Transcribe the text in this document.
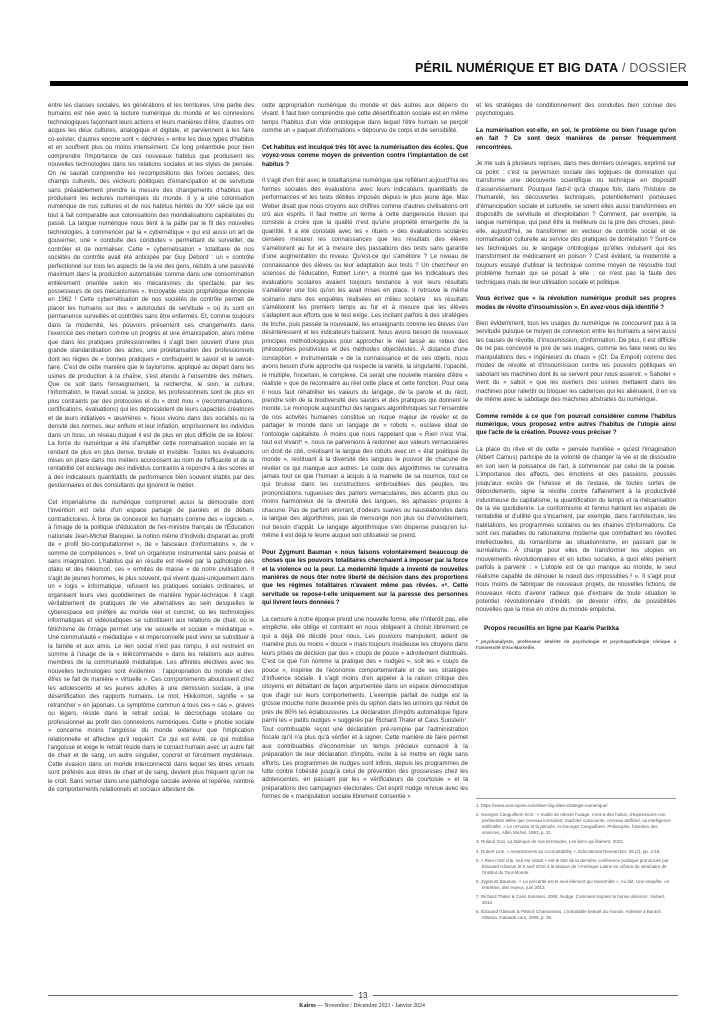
PÉRIL NUMÉRIQUE ET BIG DATA / DOSSIER

entre les classes sociales, les générations et les territoires. Une partie des humains est née avec la lecture numérique du monde et les connexions technologiques façonnant leurs actions et leurs manières d'être, d'autres ont acquis les deux cultures, analogique et digitale, et parviennent à les faire co-exister, d'autres encore sont « déchirés » entre les deux types d'habitus et en souffrent plus ou moins intensément. Ce long préambule pour bien comprendre l'importance de ces nouveaux habitus que produisent les nouvelles technologies dans les relations sociales et les styles de pensée. On ne saurait comprendre les recompositions des forces sociales, des champs culturels, des vecteurs politiques d'émancipation et de servitude sans préalablement prendre la mesure des changements d'habitus que produisent les lectures numériques du monde. Il y a une colonisation numérique de nos cultures et de nos habitus hérités du XXᵉ siècle qui est tout à fait comparable aux colonisations des mondialisations capitalistes du passé. La langue numérique nous tient à la patte par le fil des nouvelles technologies, à commencer par la « cybernétique » qui est aussi un art de gouverner, une « conduite des conduites » permettant de surveiller, de contrôler et de normaliser. Cette « cybernétisation » totalitaire de nos sociétés de contrôle avait été anticipée par Guy Debord : un « contrôle perfectionné sur tous les aspects de la vie des gens, réduits à une passivité maximum dans la production automatisée comme dans une consommation entièrement orientée selon les mécanismes du spectacle, par les possesseurs de ces mécanismes ». Incroyable vision prophétique énoncée en 1962 ! Cette cybernétisation de nos sociétés de contrôle permet de placer les humains sur des « autoroutes de servitude » où ils sont en permanence surveillés et contrôlés sans être enfermés. Et, comme toujours dans la modernité, les pouvoirs présentent ces changements dans l'exercice des métiers comme un progrès et une émancipation, alors même que dans les pratiques professionnelles il s'agit bien souvent d'une plus grande standardisation des actes, une prolétarisation des professionnels dont les règles de « bonnes pratiques » confisquent le savoir et le savoir-faire. C'est de cette manière que le taylorisme, appliqué au départ dans les usines de production à la chaîne, s'est étendu à l'ensemble des métiers. Que ce soit dans l'enseignement, la recherche, le soin, la culture, l'information, le travail social, la justice, les professionnels sont de plus en plus contraints par des protocoles et du « droit mou » (recommandations, certifications, évaluations) qui les dépossèdent de leurs capacités créatrices et de leurs initiatives « œuvrières ». Nous vivons dans des sociétés où la densité des normes, leur enflure et leur inflation, emprisonnent les individus dans un tissu, un réseau duquel il est de plus en plus difficile de se libérer. La force du numérique a été d'amplifier cette normalisation sociale en la rendant de plus en plus dense, brutale et invisible. Toutes les évaluations mises en place dans nos métiers accroissent au nom de l'efficacité et de la rentabilité cet esclavage des individus contraints à répondre à des scores et à des indicateurs quantitatifs de performance bien souvent établis par des gestionnaires et des consultants qui ignorent le métier.

Cet impérialisme du numérique compromet aussi la démocratie dont l'invention est celui d'un espace partagé de paroles et de débats contradictoires. À force de concevoir les humains comme des « logiciels », à l'image de la politique d'éducation de l'ex-ministre français de l'Éducation nationale Jean-Michel Blanquer, la notion même d'individu disparait au profit de « profil bio-computationnel », de « faisceaux d'informations », de « somme de compétences », bref un organisme instrumental sans poésie et sans imagination. L'habitus qui en résulte est révélé par la pathologie des otaku et des hikkimori, ces « ermites de masse » de notre civilisation. Il s'agit de jeunes hommes, le plus souvent, qui vivent quasi-uniquement dans un « logis » informatique, refusent les pratiques sociales ordinaires, et organisent leurs vies quotidiennes de manière hyper-technique. Il s'agit véritablement de pratiques de vie alternatives au sein desquelles le cyberespace est préféré au monde réel et concret, où les technologies informatiques et vidéoludiques se substituent aux relations de chair, où le fétichisme de l'image permet une vie sexuelle et sociale « médiatique ». Une communauté « médiatique » et impersonnelle peut venir se substituer à la famille et aux amis. Le lien social n'est pas rompu, il est restreint en somme à l'usage de la « télécommande » dans les relations aux autres membres de la communauté médiatique. Les affinités électives avec les nouvelles technologies sont évidentes : l'appropriation du monde et des êtres se fait de manière « virtuelle ». Ces comportements aboutissent chez les adolescents et les jeunes adultes à une démission sociale, à une désertification des rapports humains. Le mot, Hikikomori, signifie « se retrancher » en japonais, Le symptôme commun à tous ces « cas », graves ou légers, réside dans le retrait social, le décrochage scolaire ou professionnel au profit des connexions numériques. Cette « phobie sociale » concerne moins l'angoisse du monde extérieur que l'implication relationnelle et affective qu'il requiert. Ce qui est évité, ce qui mobilise l'angoisse et exige le retrait réside dans le contact humain avec un autre fait de chair et de sang, un autre singulier, concret et forcément mystérieux. Cette évasion dans un monde interconnecté dans lequel les êtres virtuels sont préférés aux êtres de chair et de sang, devient plus fréquent qu'on ne le croit. Sans verser dans une pathologie sociale avérée et repérée, nombre de comportements relationnels et sociaux attestent de

cette appropriation numérique du monde et des autres aux dépens du vivant. Il faut bien comprendre que cette désertification sociale est en même temps l'habitus d'un vide ontologique dans lequel l'être humain se perçoit comme un « paquet d'informations » dépourvu de corps et de sensibilité.

Cet habitus est inculqué très tôt avec la numérisation des écoles. Que voyez-vous comme moyen de prévention contre l'implantation de cet habitus ?

Il s'agit d'en finir avec le totalitarisme numérique que reflètent aujourd'hui les formes sociales des évaluations avec leurs indicateurs quantitatifs de performances et les tests débiles imposés depuis le plus jeune âge. Max Weber disait que nous croyons aux chiffres comme d'autres civilisations ont crû aux esprits. Il faut mettre un terme à cette dangereuse illusion qui consiste à croire que la qualité n'est qu'une propriété émergente de la quantité. Il a été constaté avec les « rituels » des évaluations scolaires censées mesurer les connaissances que les résultats des élèves s'améliorent au fur et à mesure des passations des tests sans garantie d'une augmentation du niveau. Qu'est-ce qui s'améliore ? Le niveau de connaissance des élèves ou leur adaptation aux tests ? Un chercheur en sciences de l'éducation, Robert Linn⁴, a montré que les indicateurs des évaluations scolaires avaient toujours tendance à voir leurs résultats s'améliorer une fois qu'on les avait mises en place. Il retrouve le même scénario dans des enquêtes réalisées en milieu scolaire : les résultats s'améliorent les premiers temps au fur et à mesure que les élèves s'adaptent aux efforts que le test exige. Les incitant parfois à des stratégies de triche, puis passée la nouveauté, les enseignants comme les élèves s'en désintéressent et les indicateurs baissent. Nous avons besoin de nouveaux principes méthodologiques pour approcher le réel laissé au rebus des philosophies positivistes et des méthodes objectivistes. À distance d'une conception « instrumentale » de la connaissance et de ses objets, nous avons besoin d'une approche qui respecte la variété, la singularité, l'opacité, le multiple, l'incertain, le complexe. Ce serait une nouvelle manière d'être « réaliste » que de reconnaitre au réel cette place et cette fonction. Pour cela il nous faut réhabiliter les valeurs du langage, de la parole et du récit, prendre soin de la biodiversité des savoirs et des pratiques qui donnent le monde. Le monopole aujourd'hui des langues algorithmiques sur l'ensemble de nos activités humaines constitue un risque majeur de révéler et de partager le monde dans un langage de « robots », esclave idéal de l'ontologie capitaliste. À moins que nous rappelant que « Rien n'est Vrai, tout est vivant⁵ », nous ne parvenions à redonner aux valeurs vernaculaires un droit de cité, créolisant la langue des robots avec un « état poétique du monde », restituant à la diversité des langues le pouvoir de chacune de révéler ce qui manque aux autres. Le code des algorithmes ne connaitra jamais tout ce que l'humain a acquis à la mamelle de sa nourrice, tout ce qui bruisse dans les constructions embrouillées des peuples, les prononciations rugueuses des parlers vernaculaires, des accents plus ou moins harmonieux de la diversité des langues, les aphasies propres à chacune. Pas de parfum enivrant, d'odeurs suaves ou nauséabondes dans la langue des algorithmes, pas de mensonge non plus ou d'envoûtement, nul besoin d'appât. Le langage algorithmique s'en dispense puisqu'en lui-même il est déjà le leurre auquel son utilisateur se prend.

Pour Zygmunt Bauman « nous faisons volontairement beaucoup de choses que les pouvoirs totalitaires cherchaient à imposer par la force et la violence ou la peur. La modernité liquide a inventé de nouvelles manières de nous ôter notre liberté de décision dans des proportions que les régimes totalitaires n'avaient même pas rêvées. »⁶. Cette servitude se repose-t-elle uniquement sur la paresse des personnes qui livrent leurs données ?

La censure à notre époque prend une nouvelle forme, elle n'interdit pas, elle empêche, elle oblige et contraint en nous obligeant à choisir librement ce qui a déjà été décidé pour nous. Les pouvoirs manipulent, aident de manière plus ou moins « douce » mais toujours insidieuse les citoyens dans leurs prises de décision par des « coups de pouce » adroitement distribués. C'est ce que l'on nomme la pratique des « nudges », soit les « coups de pouce », inspirée de l'économie comportementale et de ses stratégies d'influence sociale. Il s'agit moins d'en appeler à la raison critique des citoyens en débattant de façon argumentée dans un espace démocratique que d'agir sur leurs comportements. L'exemple parfait de nudge est la grosse mouche noire dessinée près du siphon dans les urinoirs qui réduit de près de 80% les éclaboussures. La déclaration d'impôts automatique figure parmi les « petits nudges » suggérés par Richard Thaler et Cass Sunstein⁷. Tout contribuable reçoit une déclaration pré-remplie par l'administration fiscale qu'il n'a plus qu'à vérifier et à signer. Cette manière de faire permet aux contribuables d'économiser un temps précieux consacré à la préparation de leur déclaration d'impôts, incite à se mettre en règle sans efforts. Les programmes de nudges sont infinis, depuis les programmes de lutte contre l'obésité jusqu'à celui de prévention des grossesses chez les adolescentes, en passant par les « vérificateurs de courtoisie » et la préparations des campagnes électorales. Cet esprit nudge renoue avec les formes de « manipulation sociale librement consentie »

et les stratégies de conditionnement des conduites bien connue des psychologues.

La numérisation est-elle, en soi, le problème ou bien l'usage qu'on en fait ? Ce sont deux manières de penser fréquemment rencontrées.

Je me suis à plusieurs reprises, dans mes derniers ouvrages, exprimé sur ce point : c'est la perversion sociale des logiques de domination qui transforme une découverte scientifique ou technique en dispositif d'asservissement. Pourquoi faut-il qu'à chaque fois, dans l'histoire de l'humanité, les découvertes techniques, potentiellement porteuses d'émancipation sociale et culturelle, se soient elles aussi transformées en dispositifs de servitude et d'exploitation ? Comment, par exemple, la langue numérique, qui peut être la meilleure ou la pire des choses, peut-elle, aujourd'hui, se transformer en vecteur de contrôle social et de normalisation culturelle au service des pratiques de domination ? Sont-ce les techniques ou le langage ontologique qu'elles induisent qui les transforment de médicament en poison ? C'est évident, la modernité a toujours essayé d'utiliser la technique comme moyen de résoudre tout problème humain qui se posait à elle ; ce n'est pas la faute des techniques mais de leur utilisation sociale et politique.

Vous écrivez que « la révolution numérique produit ses propres modes de révolte d'insoumission ». En avez-vous déjà identifié ?

Bien évidemment, tous les usages du numérique ne concourent pas à la servitude puisque ce moyen de connexion entre les humains a servi aussi les causes de révolte, d'insoumission, d'information. De plus, il est difficile de ne pas concevoir le pire de ses usages, comme les fake news ou les manipulations des « ingénieurs du chaos » (Cf. Da Empoli) comme des modes de révolte et d'insoumission contre les pouvoirs politiques en sabotant les machines dont ils se servent pour nous asservir. « Saboter » vient du « sabot » que les ouvriers des usines mettaient dans les machines pour ralentir ou bloquer les cadences qui les aliénaient. Il en va de même avec le sabotage des machines abstraites du numérique.

Comme remède à ce que l'on pourrait considérer comme l'habitus numérique, vous proposez entre autres l'habitus de l'utopie ainsi que l'acte de la création. Pouvez-vous préciser ?

La place du rêve et de cette « pensée humiliée » qu'est l'imagination (Albert Camus) participe de la volonté de changer la vie et de dissoudre en son sein la puissance de l'art, à commencer par celui de la poésie. L'importance des affects, des émotions et des passions, poussés jusqu'aux excès de l'ivresse et de l'extase, de toutes sortes de débordements, signe la révolte contre l'affairement à la productivité industrieuse du capitalisme, la quantification du temps et la mécanisation de la vie quotidienne. Le conformisme et l'ennui hantent les espaces de rentabilité et d'utilité qui s'incarnent, par exemple, dans l'architecture, les habitations, les programmes scolaires ou les chaines d'informations. Ce sont ces maladies du rationalisme moderne que combattent les révoltes intellectuelles, du romantisme au situationnisme, en passant par le surréalisme. À charge pour elles de transformer les utopies en mouvements révolutionnaires et en luttes sociales, à quoi elles peinent parfois à parvenir : « L'utopie est ce qui manque au monde, le seul réalisme capable de dénouer le nœud des impossibles.⁸ ». Il s'agit pour nous moins de fabriquer de nouveaux projets, de nouvelles fictions, de nouveaux récits d'avenir radieux que d'extraire de toute situation le potentiel révolutionnaire d'inédit, de devenir infini, de possibilités nouvelles que la mise en ordre du monde empêche.

Propos recueillis en ligne par Kaarle Parikka

* psychanalyste, professeur émérite de psychologie et psychopathologie clinique à l'Université d'Aix-Marseille.

1. https://www.acxiospme.ca/utiliser-big-data-strategie-numerique/
2. Georges Canguilhem écrit : « Inutile de relever l'usage, c'est-à-dire l'abus, d'expressions non pertinentes telles que cerveau conscient, machine consciente, cerveau artificiel, ou intelligence artificielle. » Le cerveau et la pensée, in Georges Canguilhem. Philosophe, historien des sciences, Albin Michel, 1993, p. 21.
3. Roland Gori, La fabrique de nos servitudes, Les liens qui libèrent, 2023.
4. Robert Linn, « Assessments an Accountability », Educational Researcher, 29 (2), pp. 4-16.
5. « Rien n'est vrai, tout est vivant » est le titre de la dernière conférence publique prononcée par Édouard Glissant le 8 avril 2010 à la Maison de l'Amérique Latine en clôture du séminaire de l'Institut du Tout-Monde.
6. Zygmunt Bauman, « La précarité est le seul élément qui rassemble », Au fait. Une enquête, un entretien, des enjeux, juin 2013.
7. Richard Thaler & Cass Sunstein, 2008, Nudge. Comment inspirer la bonne décision, Vuibert, 2010.
8. Édouard Glissant & Patrick Chamoiseau, L'intraitable beauté du monde. Adresse à Barack Obama, Galaade.com, 2009, p. 35.
13
Kairos — Novembre / Décembre 2023 - Janvier 2024
